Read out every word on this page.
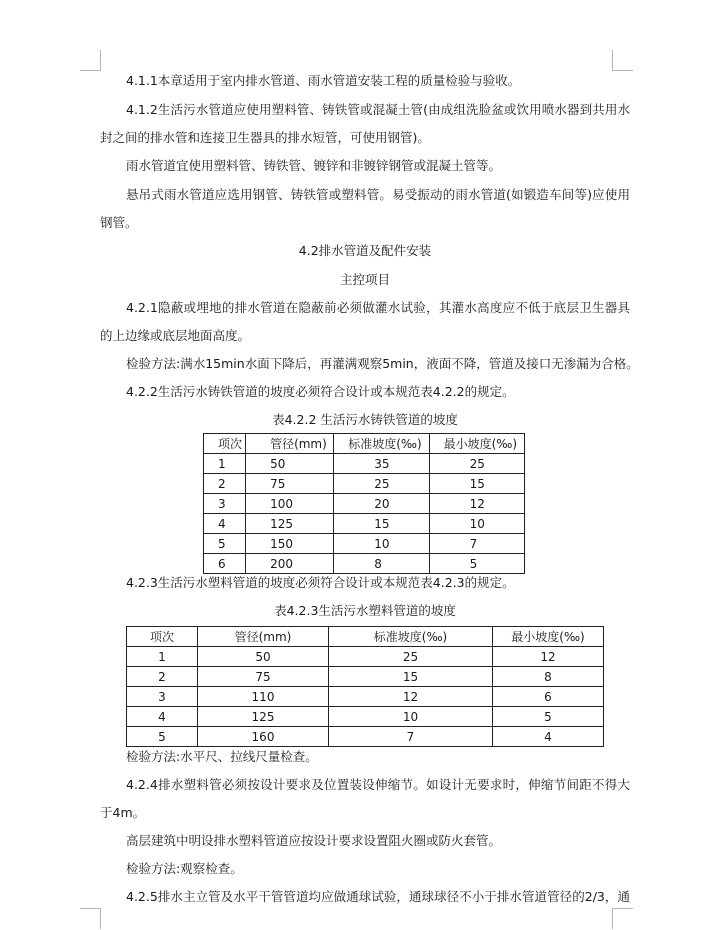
4.1.1本章适用于室内排水管道、雨水管道安装工程的质量检验与验收。
4.1.2生活污水管道应使用塑料管、铸铁管或混凝土管(由成组洗脸盆或饮用喷水器到共用水
封之间的排水管和连接卫生器具的排水短管，可使用钢管)。
雨水管道宜使用塑料管、铸铁管、镀锌和非镀锌钢管或混凝土管等。
悬吊式雨水管道应选用钢管、铸铁管或塑料管。易受振动的雨水管道(如锻造车间等)应使用
钢管。
4.2排水管道及配件安装
主控项目
4.2.1隐蔽或埋地的排水管道在隐蔽前必须做灌水试验，其灌水高度应不低于底层卫生器具
的上边缘或底层地面高度。
检验方法:满水15min水面下降后，再灌满观察5min，液面不降，管道及接口无渗漏为合格。
4.2.2生活污水铸铁管道的坡度必须符合设计或本规范表4.2.2的规定。
表4.2.2 生活污水铸铁管道的坡度
项次	管径(mm)	标准坡度(‰)	最小坡度(‰)
1	50	35	25
2	75	25	15
3	100	20	12
4	125	15	10
5	150	10	7
6	200	8	5
4.2.3生活污水塑料管道的坡度必须符合设计或本规范表4.2.3的规定。
表4.2.3生活污水塑料管道的坡度
项次	管径(mm)	标准坡度(‰)	最小坡度(‰)
1	50	25	12
2	75	15	8
3	110	12	6
4	125	10	5
5	160	7	4
检验方法:水平尺、拉线尺量检查。
4.2.4排水塑料管必须按设计要求及位置装设伸缩节。如设计无要求时，伸缩节间距不得大
于4m。
高层建筑中明设排水塑料管道应按设计要求设置阻火圈或防火套管。
检验方法:观察检查。
4.2.5排水主立管及水平干管管道均应做通球试验，通球球径不小于排水管道管径的2/3，通
